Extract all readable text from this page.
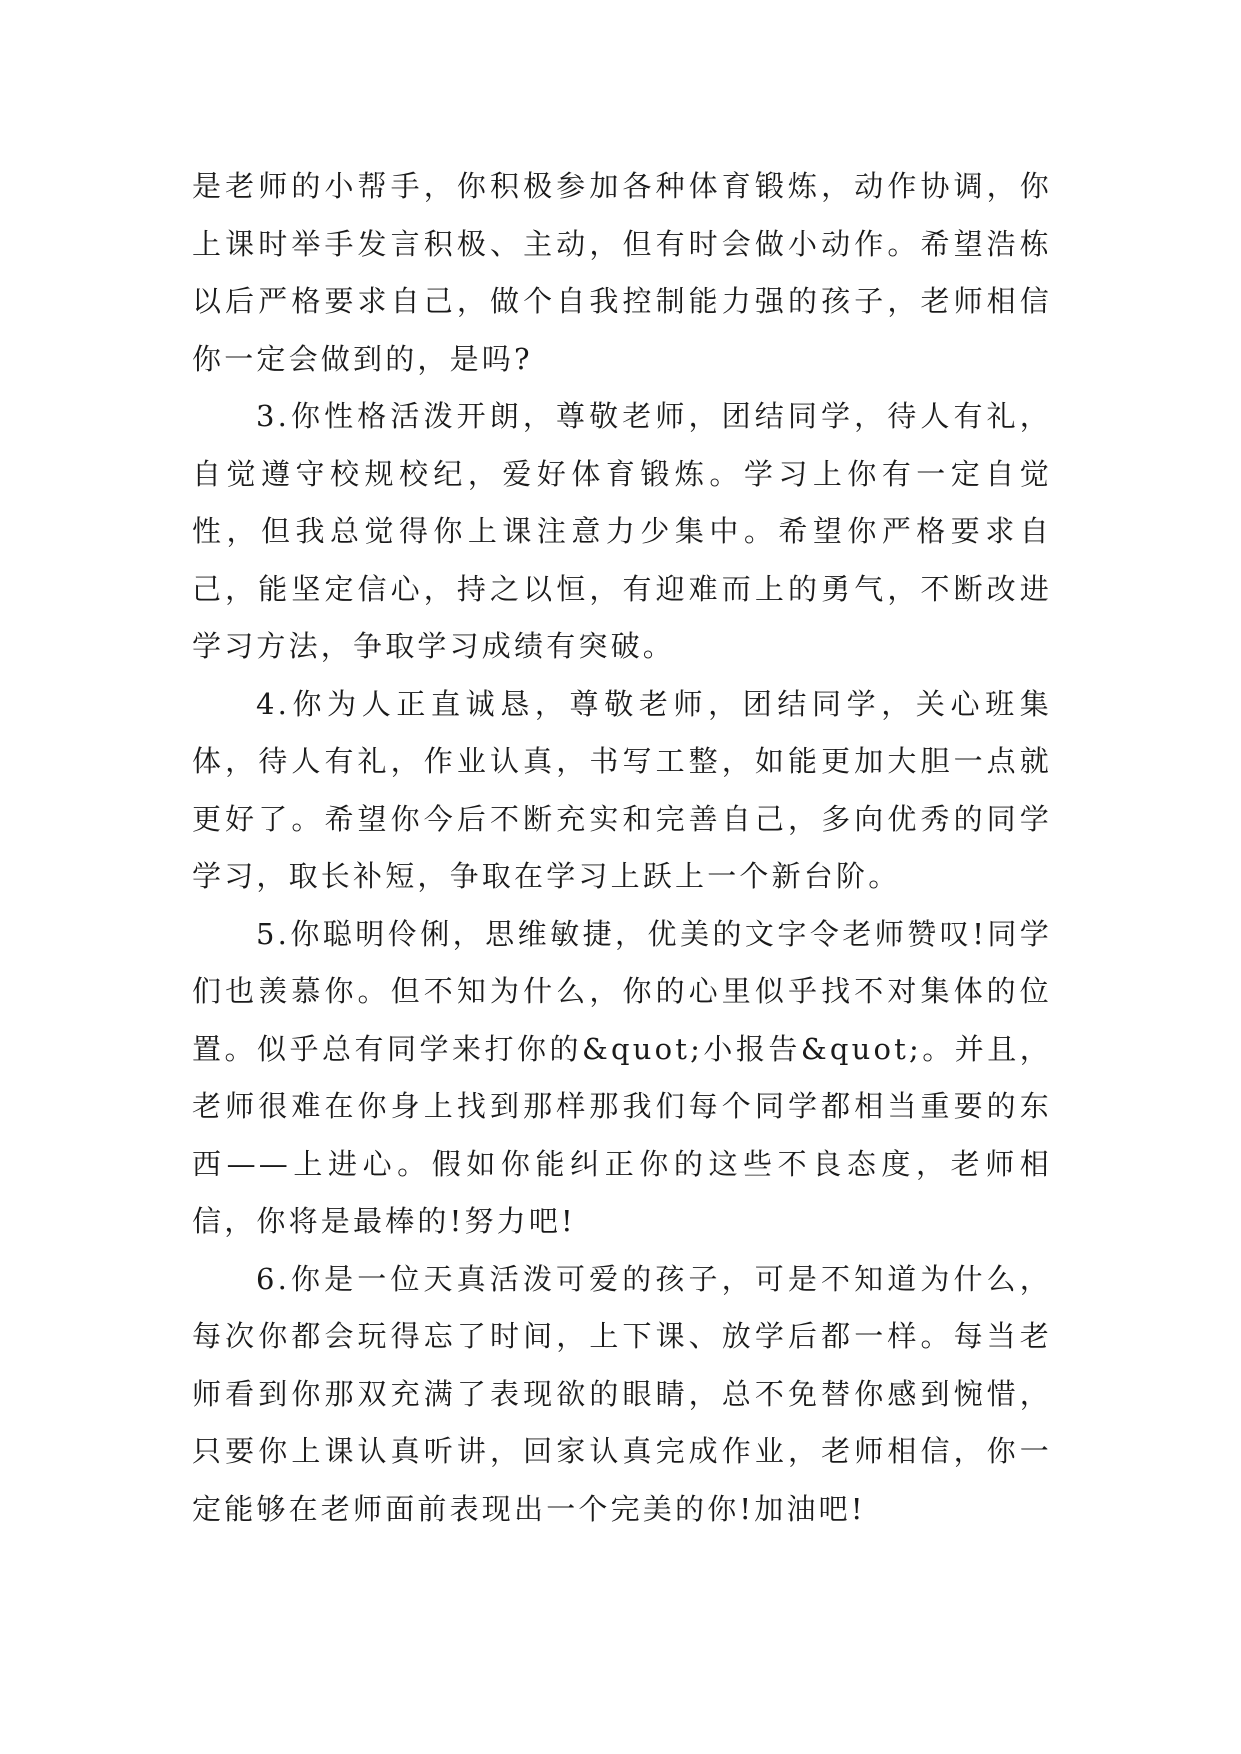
是老师的小帮手，你积极参加各种体育锻炼，动作协调，你上课时举手发言积极、主动，但有时会做小动作。希望浩栋以后严格要求自己，做个自我控制能力强的孩子，老师相信你一定会做到的，是吗?

3.你性格活泼开朗，尊敬老师，团结同学，待人有礼，自觉遵守校规校纪，爱好体育锻炼。学习上你有一定自觉性，但我总觉得你上课注意力少集中。希望你严格要求自己，能坚定信心，持之以恒，有迎难而上的勇气，不断改进学习方法，争取学习成绩有突破。

4.你为人正直诚恳，尊敬老师，团结同学，关心班集体，待人有礼，作业认真，书写工整，如能更加大胆一点就更好了。希望你今后不断充实和完善自己，多向优秀的同学学习，取长补短，争取在学习上跃上一个新台阶。

5.你聪明伶俐，思维敏捷，优美的文字令老师赞叹!同学们也羡慕你。但不知为什么，你的心里似乎找不对集体的位置。似乎总有同学来打你的&quot;小报告&quot;。并且，老师很难在你身上找到那样那我们每个同学都相当重要的东西——上进心。假如你能纠正你的这些不良态度，老师相信，你将是最棒的!努力吧!

6.你是一位天真活泼可爱的孩子，可是不知道为什么，每次你都会玩得忘了时间，上下课、放学后都一样。每当老师看到你那双充满了表现欲的眼睛，总不免替你感到惋惜，只要你上课认真听讲，回家认真完成作业，老师相信，你一定能够在老师面前表现出一个完美的你!加油吧!
